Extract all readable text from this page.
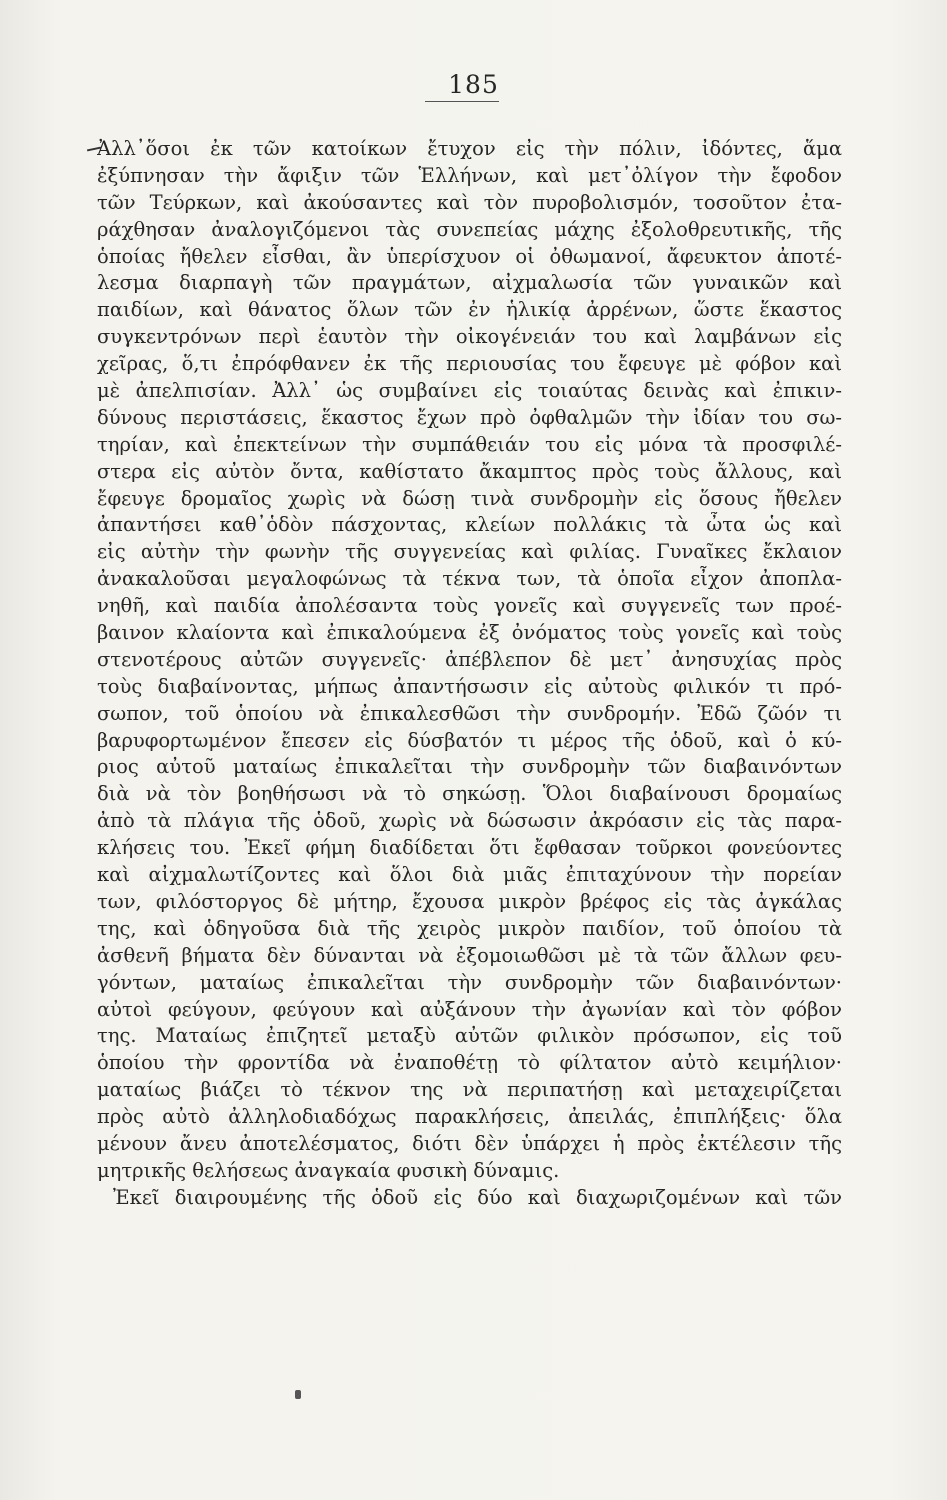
185
Ἀλλ᾽ὅσοι ἐκ τῶν κατοίκων ἔτυχον εἰς τὴν πόλιν, ἰδόντες, ἅμα
ἐξύπνησαν τὴν ἄφιξιν τῶν Ἑλλήνων, καὶ μετ᾽ὀλίγον τὴν ἔφοδον
τῶν Τεύρκων, καὶ ἀκούσαντες καὶ τὸν πυροβολισμόν, τοσοῦτον ἐτα-
ράχθησαν ἀναλογιζόμενοι τὰς συνεπείας μάχης ἐξολοθρευτικῆς, τῆς
ὁποίας ἤθελεν εἶσθαι, ἂν ὑπερίσχυον οἱ ὀθωμανοί, ἄφευκτον ἀποτέ-
λεσμα διαρπαγὴ τῶν πραγμάτων, αἰχμαλωσία τῶν γυναικῶν καὶ
παιδίων, καὶ θάνατος ὅλων τῶν ἐν ἡλικίᾳ ἀρρένων, ὥστε ἕκαστος
συγκεντρόνων περὶ ἑαυτὸν τὴν οἰκογένειάν του καὶ λαμβάνων εἰς
χεῖρας, ὅ,τι ἐπρόφθανεν ἐκ τῆς περιουσίας του ἔφευγε μὲ φόβον καὶ
μὲ ἀπελπισίαν. Ἀλλ᾽ ὡς συμβαίνει εἰς τοιαύτας δεινὰς καὶ ἐπικιν-
δύνους περιστάσεις, ἕκαστος ἔχων πρὸ ὀφθαλμῶν τὴν ἰδίαν του σω-
τηρίαν, καὶ ἐπεκτείνων τὴν συμπάθειάν του εἰς μόνα τὰ προσφιλέ-
στερα εἰς αὐτὸν ὄντα, καθίστατο ἄκαμπτος πρὸς τοὺς ἄλλους, καὶ
ἔφευγε δρομαῖος χωρὶς νὰ δώσῃ τινὰ συνδρομὴν εἰς ὅσους ἤθελεν
ἀπαντήσει καθ᾽ὁδὸν πάσχοντας, κλείων πολλάκις τὰ ὦτα ὡς καὶ
εἰς αὐτὴν τὴν φωνὴν τῆς συγγενείας καὶ φιλίας. Γυναῖκες ἔκλαιον
ἀνακαλοῦσαι μεγαλοφώνως τὰ τέκνα των, τὰ ὁποῖα εἶχον ἀποπλα-
νηθῆ, καὶ παιδία ἀπολέσαντα τοὺς γονεῖς καὶ συγγενεῖς των προέ-
βαινον κλαίοντα καὶ ἐπικαλούμενα ἐξ ὀνόματος τοὺς γονεῖς καὶ τοὺς
στενοτέρους αὐτῶν συγγενεῖς· ἀπέβλεπον δὲ μετ᾽ ἀνησυχίας πρὸς
τοὺς διαβαίνοντας, μήπως ἀπαντήσωσιν εἰς αὐτοὺς φιλικόν τι πρό-
σωπον, τοῦ ὁποίου νὰ ἐπικαλεσθῶσι τὴν συνδρομήν. Ἐδῶ ζῶόν τι
βαρυφορτωμένον ἔπεσεν εἰς δύσβατόν τι μέρος τῆς ὁδοῦ, καὶ ὁ κύ-
ριος αὐτοῦ ματαίως ἐπικαλεῖται τὴν συνδρομὴν τῶν διαβαινόντων
διὰ νὰ τὸν βοηθήσωσι νὰ τὸ σηκώσῃ. Ὅλοι διαβαίνουσι δρομαίως
ἀπὸ τὰ πλάγια τῆς ὁδοῦ, χωρὶς νὰ δώσωσιν ἀκρόασιν εἰς τὰς παρα-
κλήσεις του. Ἐκεῖ φήμη διαδίδεται ὅτι ἔφθασαν τοῦρκοι φονεύοντες
καὶ αἰχμαλωτίζοντες καὶ ὅλοι διὰ μιᾶς ἐπιταχύνουν τὴν πορείαν
των, φιλόστοργος δὲ μήτηρ, ἔχουσα μικρὸν βρέφος εἰς τὰς ἀγκάλας
της, καὶ ὁδηγοῦσα διὰ τῆς χειρὸς μικρὸν παιδίον, τοῦ ὁποίου τὰ
ἀσθενῆ βήματα δὲν δύνανται νὰ ἐξομοιωθῶσι μὲ τὰ τῶν ἄλλων φευ-
γόντων, ματαίως ἐπικαλεῖται τὴν συνδρομὴν τῶν διαβαινόντων·
αὐτοὶ φεύγουν, φεύγουν καὶ αὐξάνουν τὴν ἀγωνίαν καὶ τὸν φόβον
της. Ματαίως ἐπιζητεῖ μεταξὺ αὐτῶν φιλικὸν πρόσωπον, εἰς τοῦ
ὁποίου τὴν φροντίδα νὰ ἐναποθέτῃ τὸ φίλτατον αὐτὸ κειμήλιον·
ματαίως βιάζει τὸ τέκνον της νὰ περιπατήσῃ καὶ μεταχειρίζεται
πρὸς αὐτὸ ἀλληλοδιαδόχως παρακλήσεις, ἀπειλάς, ἐπιπλήξεις· ὅλα
μένουν ἄνευ ἀποτελέσματος, διότι δὲν ὑπάρχει ἡ πρὸς ἐκτέλεσιν τῆς
μητρικῆς θελήσεως ἀναγκαία φυσικὴ δύναμις.
Ἐκεῖ διαιρουμένης τῆς ὁδοῦ εἰς δύο καὶ διαχωριζομένων καὶ τῶν
